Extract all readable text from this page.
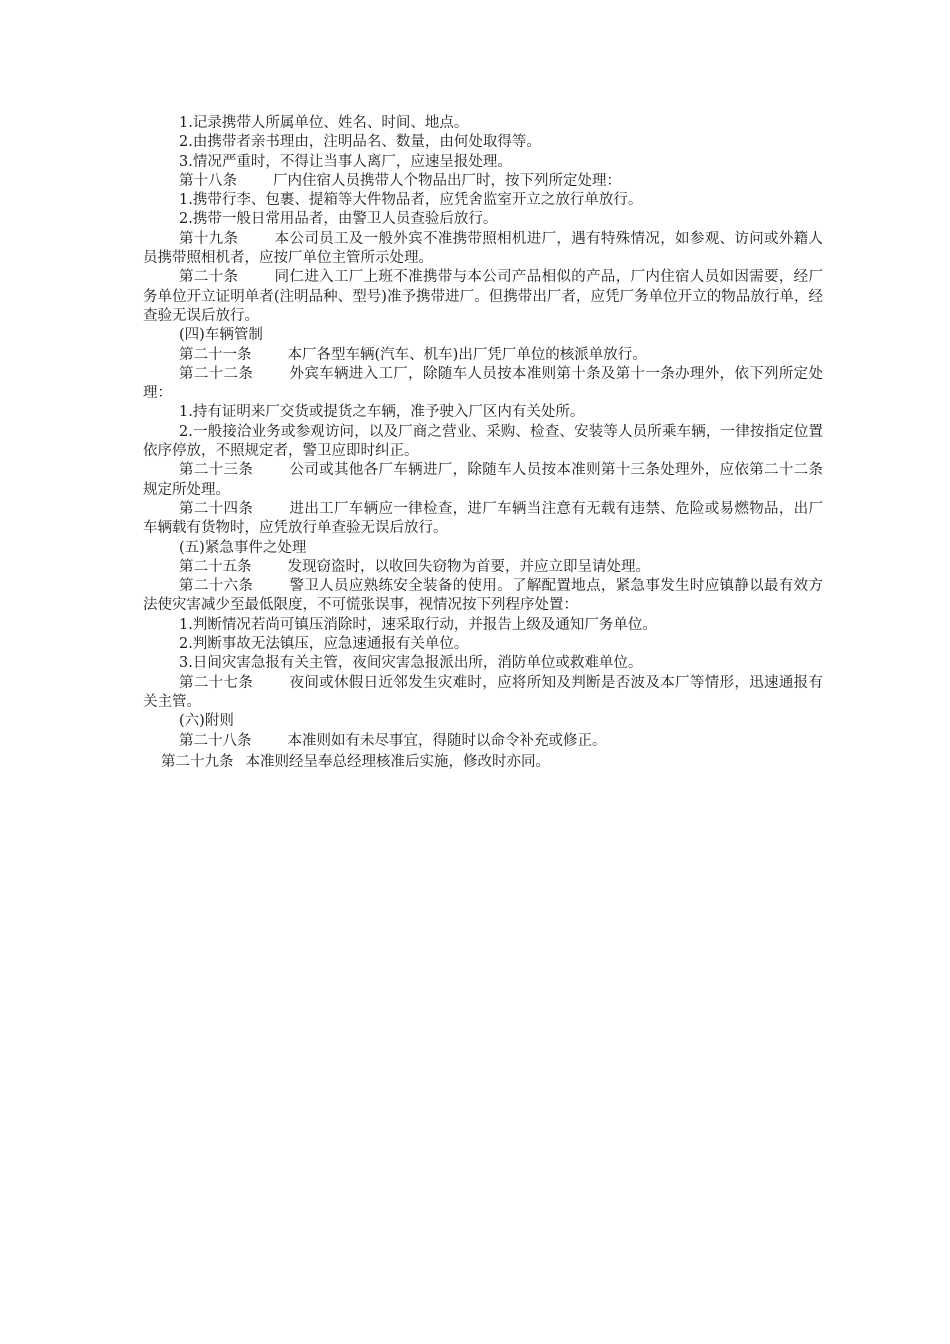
1.记录携带人所属单位、姓名、时间、地点。

2.由携带者亲书理由，注明品名、数量，由何处取得等。

3.情况严重时，不得让当事人离厂，应速呈报处理。

第十八条 厂内住宿人员携带人个物品出厂时，按下列所定处理：

1.携带行李、包裹、提箱等大件物品者，应凭舍监室开立之放行单放行。

2.携带一般日常用品者，由警卫人员查验后放行。

第十九条 本公司员工及一般外宾不准携带照相机进厂，遇有特殊情况，如参观、访问或外籍人员携带照相机者，应按厂单位主管所示处理。

第二十条 同仁进入工厂上班不准携带与本公司产品相似的产品，厂内住宿人员如因需要，经厂务单位开立证明单者(注明品种、型号)准予携带进厂。但携带出厂者，应凭厂务单位开立的物品放行单，经查验无误后放行。

(四)车辆管制

第二十一条 本厂各型车辆(汽车、机车)出厂凭厂单位的核派单放行。

第二十二条 外宾车辆进入工厂，除随车人员按本准则第十条及第十一条办理外，依下列所定处理：

1.持有证明来厂交货或提货之车辆，准予驶入厂区内有关处所。

2.一般接洽业务或参观访问，以及厂商之营业、采购、检查、安装等人员所乘车辆，一律按指定位置依序停放，不照规定者，警卫应即时纠正。

第二十三条 公司或其他各厂车辆进厂，除随车人员按本准则第十三条处理外，应依第二十二条规定所处理。

第二十四条 进出工厂车辆应一律检查，进厂车辆当注意有无载有违禁、危险或易燃物品，出厂车辆载有货物时，应凭放行单查验无误后放行。

(五)紧急事件之处理

第二十五条 发现窃盗时，以收回失窃物为首要，并应立即呈请处理。

第二十六条 警卫人员应熟练安全装备的使用。了解配置地点，紧急事发生时应镇静以最有效方法使灾害减少至最低限度，不可慌张误事，视情况按下列程序处置：

1.判断情况若尚可镇压消除时，速采取行动，并报告上级及通知厂务单位。

2.判断事故无法镇压，应急速通报有关单位。

3.日间灾害急报有关主管，夜间灾害急报派出所，消防单位或救难单位。

第二十七条 夜间或休假日近邻发生灾难时，应将所知及判断是否波及本厂等情形，迅速通报有关主管。

(六)附则

第二十八条 本准则如有未尽事宜，得随时以命令补充或修正。

第二十九条 本准则经呈奉总经理核准后实施，修改时亦同。
